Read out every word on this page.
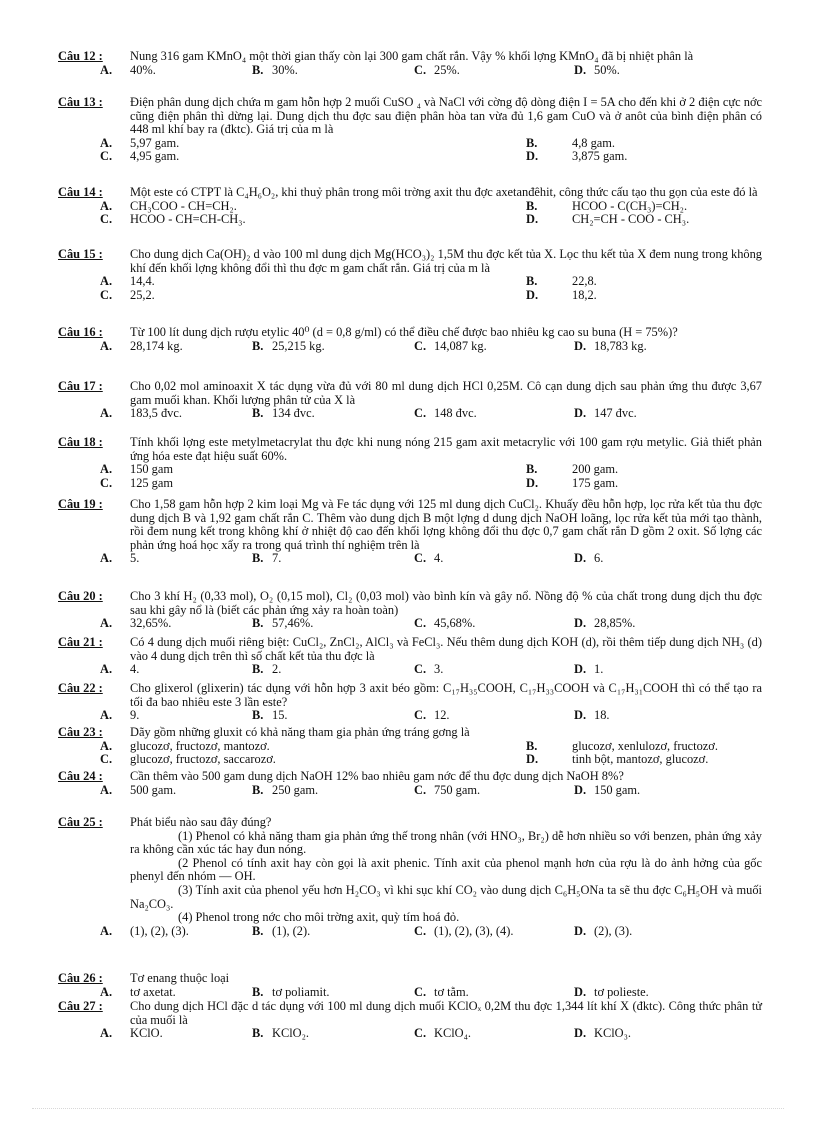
Câu 12 :	Nung 316 gam KMnO₄ một thời gian thấy còn lại 300 gam chất rắn. Vậy % khối lợng KMnO₄ đã bị nhiệt phân là
A. 40%.	B. 30%.	C. 25%.	D. 50%.
Câu 13 :	Điện phân dung dịch chứa m gam hỗn hợp 2 muối CuSO ₄ và NaCl với cờng độ dòng điện I = 5A cho đến khi ở 2 điện cực nớc cũng điện phân thì dừng lại. Dung dịch thu đợc sau điện phân hòa tan vừa đủ 1,6 gam CuO và ở anôt của bình điện phân có 448 ml khí bay ra (đktc). Giá trị của m là
A. 5,97 gam.	B.	4,8 gam.
C. 4,95 gam.	D.	3,875 gam.
Câu 14 :	Một este có CTPT là C₄H₆O₂, khi thuỷ phân trong môi trờng axit thu đợc axetanđêhit, công thức cấu tạo thu gọn của este đó là
A. CH₃COO - CH=CH₂.	B.	HCOO - C(CH₃)=CH₂.
C. HCOO - CH=CH-CH₃.	D.	CH₂=CH - COO - CH₃.
Câu 15 :	Cho dung dịch Ca(OH)₂ d vào 100 ml dung dịch Mg(HCO₃)₂ 1,5M thu đợc kết tủa X. Lọc thu kết tủa X đem nung trong không khí đến khối lợng không đổi thì thu đợc m gam chất rắn. Giá trị của m là
A. 14,4.	B.	22,8.
C. 25,2.	D.	18,2.
Câu 16 :	Từ 100 lít dung dịch rượu etylic 40⁰ (d = 0,8 g/ml) có thể điều chế được bao nhiêu kg cao su buna (H = 75%)?
A. 28,174 kg.	B. 25,215 kg.	C. 14,087 kg.	D. 18,783 kg.
Câu 17 :	Cho 0,02 mol aminoaxit X tác dụng vừa đủ với 80 ml dung dịch HCl 0,25M. Cô cạn dung dịch sau phản ứng thu được 3,67 gam muối khan. Khối lượng phân tử của X là
A. 183,5 đvc.	B. 134 đvc.	C. 148 đvc.	D. 147 đvc.
Câu 18 :	Tính khối lợng este metylmetacrylat thu đợc khi nung nóng 215 gam axit metacrylic với 100 gam rợu metylic. Giả thiết phản ứng hóa este đạt hiệu suất 60%.
A. 150 gam	B.	200 gam.
C. 125 gam	D.	175 gam.
Câu 19 :	Cho 1,58 gam hỗn hợp 2 kim loại Mg và Fe tác dụng với 125 ml dung dịch CuCl₂. Khuấy đều hỗn hợp, lọc rửa kết tủa thu đợc dung dịch B và 1,92 gam chất rắn C. Thêm vào dung dịch B một lợng d dung dịch NaOH loãng, lọc rửa kết tủa mới tạo thành, rồi đem nung kết trong không khí ở nhiệt độ cao đến khối lợng không đổi thu đợc 0,7 gam chất rắn D gồm 2 oxit. Số lợng các phản ứng hoá học xẩy ra trong quá trình thí nghiệm trên là
A. 5.	B. 7.	C. 4.	D. 6.
Câu 20 :	Cho 3 khí H₂ (0,33 mol), O₂ (0,15 mol), Cl₂ (0,03 mol) vào bình kín và gây nổ. Nồng độ % của chất trong dung dịch thu đợc sau khi gây nổ là (biết các phản ứng xảy ra hoàn toàn)
A. 32,65%.	B. 57,46%.	C. 45,68%.	D. 28,85%.
Câu 21 :	Có 4 dung dịch muối riêng biệt: CuCl₂, ZnCl₂, AlCl₃ và FeCl₃. Nếu thêm dung dịch KOH (d), rồi thêm tiếp dung dịch NH₃ (d) vào 4 dung dịch trên thì số chất kết tủa thu đợc là
A. 4.	B. 2.	C. 3.	D. 1.
Câu 22 :	Cho glixerol (glixerin) tác dụng với hỗn hợp 3 axit béo gồm: C₁₇H₃₅COOH, C₁₇H₃₃COOH và C₁₇H₃₁COOH thì có thể tạo ra tối đa bao nhiêu este 3 lần este?
A. 9.	B. 15.	C. 12.	D. 18.
Câu 23 :	Dãy gồm những gluxit có khả năng tham gia phản ứng tráng gơng là
A. glucozơ, fructozơ, mantozơ.	B.	glucozơ, xenlulozơ, fructozơ.
C. glucozơ, fructozơ, saccarozơ.	D.	tinh bột, mantozơ, glucozơ.
Câu 24 :	Cần thêm vào 500 gam dung dịch NaOH 12% bao nhiêu gam nớc để thu đợc dung dịch NaOH 8%?
A. 500 gam.	B. 250 gam.	C. 750 gam.	D. 150 gam.
Câu 25 :	Phát biểu nào sau đây đúng?
(1) Phenol có khả năng tham gia phản ứng thế trong nhân (với HNO₃, Br₂) dễ hơn nhiều so với benzen, phản ứng xảy ra không cần xúc tác hay đun nóng.
(2 Phenol có tính axit hay còn gọi là axit phenic. Tính axit của phenol mạnh hơn của rợu là do ảnh hởng của gốc phenyl đến nhóm — OH.
(3) Tính axit của phenol yếu hơn H₂CO₃ vì khi sục khí CO₂ vào dung dịch C₆H₅ONa ta sẽ thu đợc C₆H₅OH và muối Na₂CO₃.
(4) Phenol trong nớc cho môi trờng axit, quỳ tím hoá đỏ.
A. (1), (2), (3).	B. (1), (2).	C. (1), (2), (3), (4).	D. (2), (3).
Câu 26 :	Tơ enang thuộc loại
A. tơ axetat.	B. tơ poliamit.	C. tơ tằm.	D. tơ polieste.
Câu 27 :	Cho dung dịch HCl đặc d tác dụng với 100 ml dung dịch muối KClOₓ 0,2M thu đợc 1,344 lít khí X (đktc). Công thức phân tử của muối là
A. KClO.	B. KClO₂.	C. KClO₄.	D. KClO₃.
